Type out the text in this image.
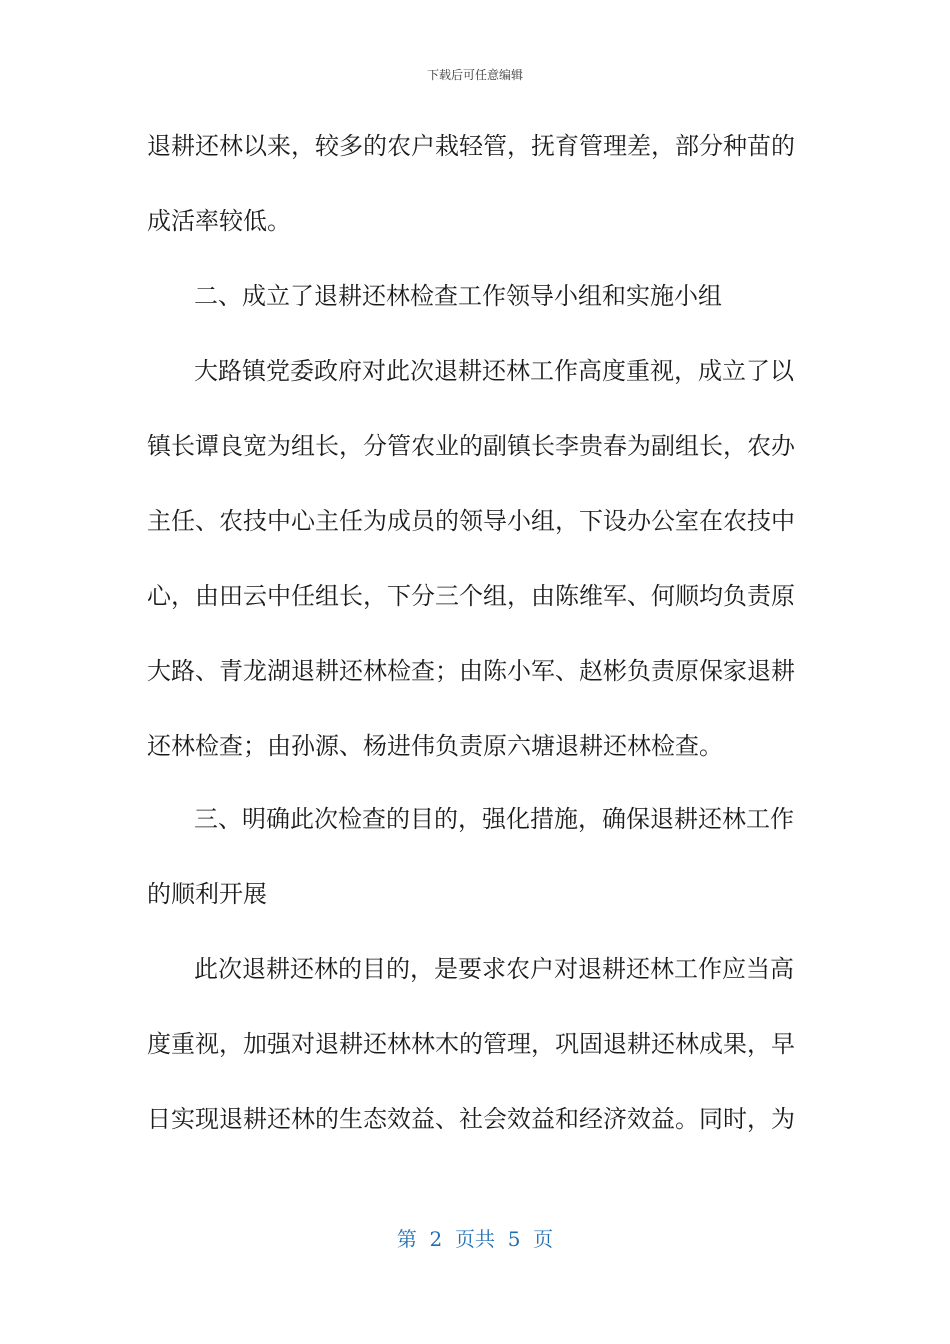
下载后可任意编辑
退耕还林以来，较多的农户栽轻管，抚育管理差，部分种苗的
成活率较低。
二、成立了退耕还林检查工作领导小组和实施小组
大路镇党委政府对此次退耕还林工作高度重视，成立了以
镇长谭良宽为组长，分管农业的副镇长李贵春为副组长，农办
主任、农技中心主任为成员的领导小组，下设办公室在农技中
心，由田云中任组长，下分三个组，由陈维军、何顺均负责原
大路、青龙湖退耕还林检查；由陈小军、赵彬负责原保家退耕
还林检查；由孙源、杨进伟负责原六塘退耕还林检查。
三、明确此次检查的目的，强化措施，确保退耕还林工作
的顺利开展
此次退耕还林的目的，是要求农户对退耕还林工作应当高
度重视，加强对退耕还林林木的管理，巩固退耕还林成果，早
日实现退耕还林的生态效益、社会效益和经济效益。同时，为
第  2  页共  5  页
